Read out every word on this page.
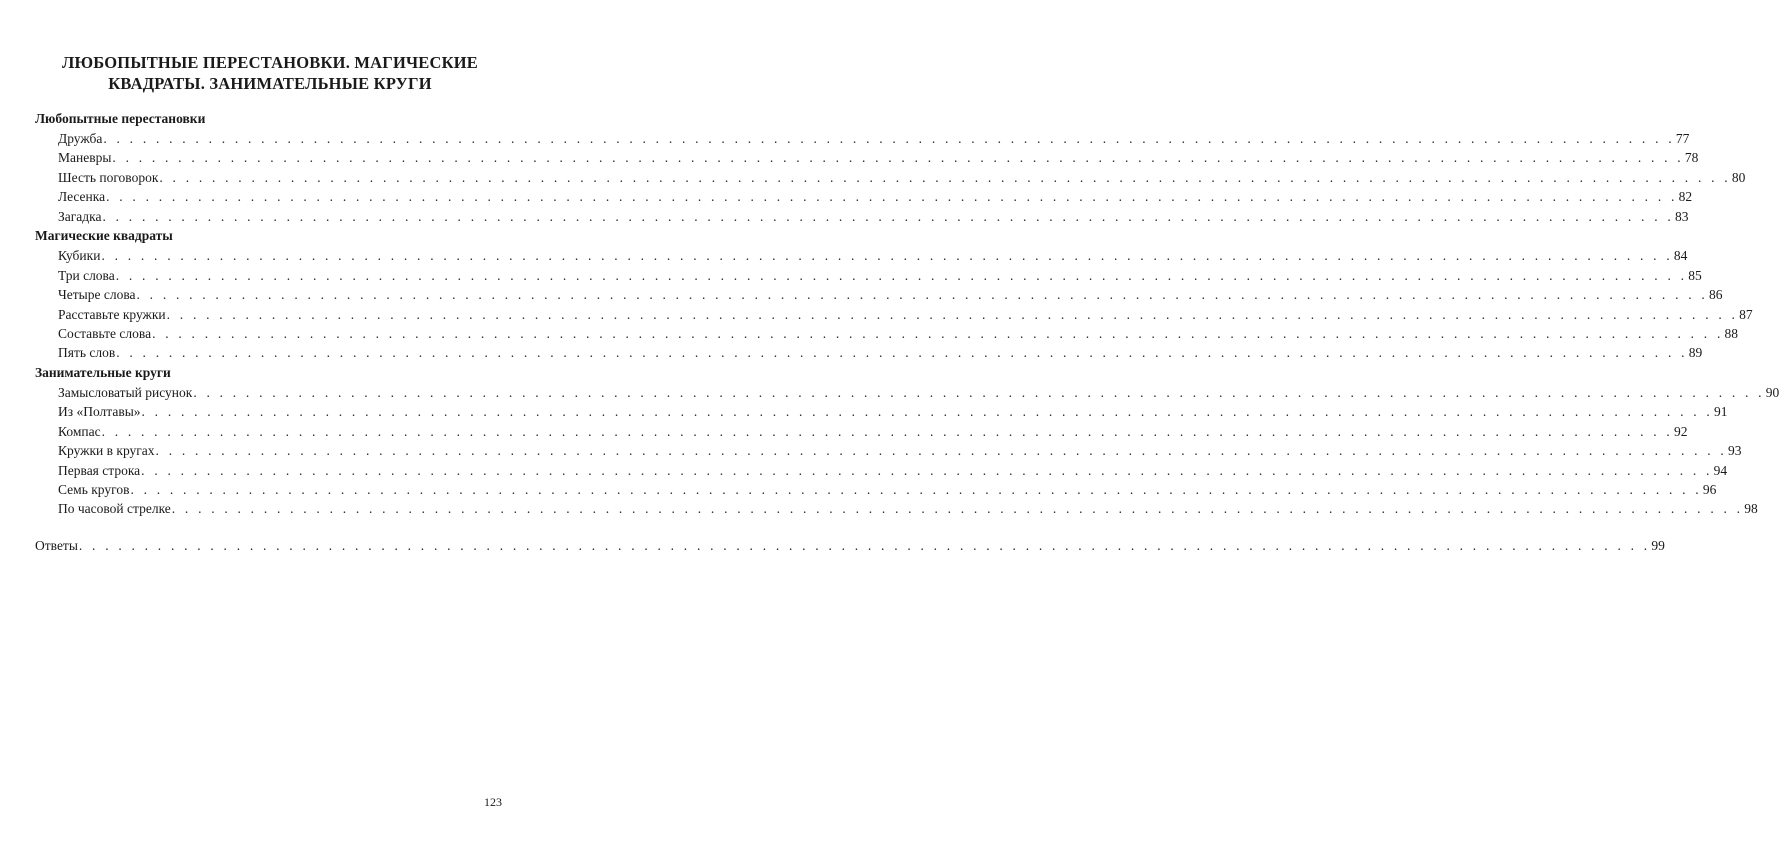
ЛЮБОПЫТНЫЕ ПЕРЕСТАНОВКИ. МАГИЧЕСКИЕ КВАДРАТЫ. ЗАНИМАТЕЛЬНЫЕ КРУГИ
Любопытные перестановки
Дружба . . . . . . . . . . . . . . . . . . . . . . . . . . . . . . . . . . . . . . . . . . . . . . . . . . . . . . . . . . . . . . . . . . . . . . . . . . . . . . . . . . . . . . . . . . . . . . . . . . . . . . . . . . . . . . . . . . . . . . . . 77
Маневры . . . . . . . . . . . . . . . . . . . . . . . . . . . . . . . . . . . . . . . . . . . . . . . . . . . . . . . . . . . . . . . . . . . . . . . . . . . . . . . . . . . . . . . . . . . . . . . . . . . . . . . . . . . . . . . . . . . . . . . . 78
Шесть поговорок . . . . . . . . . . . . . . . . . . . . . . . . . . . . . . . . . . . . . . . . . . . . . . . . . . . . . . . . . . . . . . . . . . . . . . . . . . . . . . . . . . . . . . . . . . . . . . . . . . . . . . . . . . . . . . . . . . . . . . . . 80
Лесенка . . . . . . . . . . . . . . . . . . . . . . . . . . . . . . . . . . . . . . . . . . . . . . . . . . . . . . . . . . . . . . . . . . . . . . . . . . . . . . . . . . . . . . . . . . . . . . . . . . . . . . . . . . . . . . . . . . . . . . . . 82
Загадка . . . . . . . . . . . . . . . . . . . . . . . . . . . . . . . . . . . . . . . . . . . . . . . . . . . . . . . . . . . . . . . . . . . . . . . . . . . . . . . . . . . . . . . . . . . . . . . . . . . . . . . . . . . . . . . . . . . . . . . . 83
Магические квадраты
Кубики . . . . . . . . . . . . . . . . . . . . . . . . . . . . . . . . . . . . . . . . . . . . . . . . . . . . . . . . . . . . . . . . . . . . . . . . . . . . . . . . . . . . . . . . . . . . . . . . . . . . . . . . . . . . . . . . . . . . . . . . 84
Три слова . . . . . . . . . . . . . . . . . . . . . . . . . . . . . . . . . . . . . . . . . . . . . . . . . . . . . . . . . . . . . . . . . . . . . . . . . . . . . . . . . . . . . . . . . . . . . . . . . . . . . . . . . . . . . . . . . . . . . . . . 85
Четыре слова . . . . . . . . . . . . . . . . . . . . . . . . . . . . . . . . . . . . . . . . . . . . . . . . . . . . . . . . . . . . . . . . . . . . . . . . . . . . . . . . . . . . . . . . . . . . . . . . . . . . . . . . . . . . . . . . . . . . . . . . 86
Расставьте кружки . . . . . . . . . . . . . . . . . . . . . . . . . . . . . . . . . . . . . . . . . . . . . . . . . . . . . . . . . . . . . . . . . . . . . . . . . . . . . . . . . . . . . . . . . . . . . . . . . . . . . . . . . . . . . . . . . . . . . . . . 87
Составьте слова . . . . . . . . . . . . . . . . . . . . . . . . . . . . . . . . . . . . . . . . . . . . . . . . . . . . . . . . . . . . . . . . . . . . . . . . . . . . . . . . . . . . . . . . . . . . . . . . . . . . . . . . . . . . . . . . . . . . . . . . 88
Пять слов . . . . . . . . . . . . . . . . . . . . . . . . . . . . . . . . . . . . . . . . . . . . . . . . . . . . . . . . . . . . . . . . . . . . . . . . . . . . . . . . . . . . . . . . . . . . . . . . . . . . . . . . . . . . . . . . . . . . . . . . 89
Занимательные круги
Замысловатый рисунок . . . . . . . . . . . . . . . . . . . . . . . . . . . . . . . . . . . . . . . . . . . . . . . . . . . . . . . . . . . . . . . . . . . . . . . . . . . . . . . . . . . . . . . . . . . . . . . . . . . . . . . . . . . . . . . . . . . . . . . . 90
Из «Полтавы» . . . . . . . . . . . . . . . . . . . . . . . . . . . . . . . . . . . . . . . . . . . . . . . . . . . . . . . . . . . . . . . . . . . . . . . . . . . . . . . . . . . . . . . . . . . . . . . . . . . . . . . . . . . . . . . . . . . . . . . . 91
Компас . . . . . . . . . . . . . . . . . . . . . . . . . . . . . . . . . . . . . . . . . . . . . . . . . . . . . . . . . . . . . . . . . . . . . . . . . . . . . . . . . . . . . . . . . . . . . . . . . . . . . . . . . . . . . . . . . . . . . . . . 92
Кружки в кругах . . . . . . . . . . . . . . . . . . . . . . . . . . . . . . . . . . . . . . . . . . . . . . . . . . . . . . . . . . . . . . . . . . . . . . . . . . . . . . . . . . . . . . . . . . . . . . . . . . . . . . . . . . . . . . . . . . . . . . . . 93
Первая строка . . . . . . . . . . . . . . . . . . . . . . . . . . . . . . . . . . . . . . . . . . . . . . . . . . . . . . . . . . . . . . . . . . . . . . . . . . . . . . . . . . . . . . . . . . . . . . . . . . . . . . . . . . . . . . . . . . . . . . . . 94
Семь кругов . . . . . . . . . . . . . . . . . . . . . . . . . . . . . . . . . . . . . . . . . . . . . . . . . . . . . . . . . . . . . . . . . . . . . . . . . . . . . . . . . . . . . . . . . . . . . . . . . . . . . . . . . . . . . . . . . . . . . . . . 96
По часовой стрелке . . . . . . . . . . . . . . . . . . . . . . . . . . . . . . . . . . . . . . . . . . . . . . . . . . . . . . . . . . . . . . . . . . . . . . . . . . . . . . . . . . . . . . . . . . . . . . . . . . . . . . . . . . . . . . . . . . . . . . . . 98
Ответы . . . . . . . . . . . . . . . . . . . . . . . . . . . . . . . . . . . . . . . . . . . . . . . . . . . . . . . . . . . . . . . . . . . . . . . . . . . . . . . . . . . . . . . . . . . . . . . . . . . . . . . . . . . . . . . . . . . . . . . . 99
123
